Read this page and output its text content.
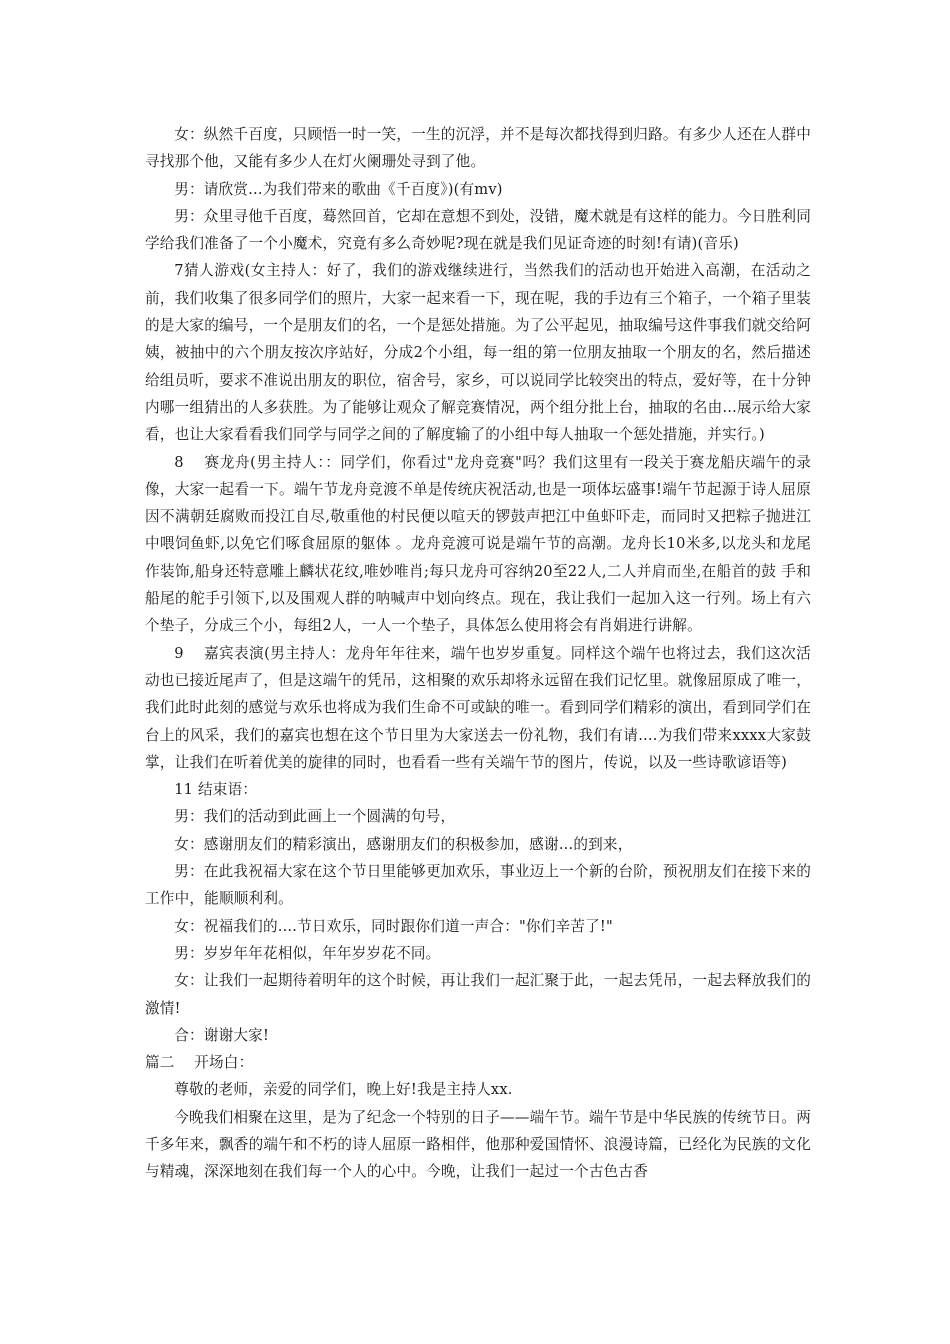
女：纵然千百度，只顾悟一时一笑，一生的沉浮，并不是每次都找得到归路。有多少人还在人群中寻找那个他，又能有多少人在灯火阑珊处寻到了他。

男：请欣赏...为我们带来的歌曲《千百度》)(有mv)

男：众里寻他千百度，蓦然回首，它却在意想不到处，没错，魔术就是有这样的能力。今日胜利同学给我们准备了一个小魔术，究竟有多么奇妙呢?现在就是我们见证奇迹的时刻!有请)(音乐)

7猜人游戏(女主持人：好了，我们的游戏继续进行，当然我们的活动也开始进入高潮，在活动之前，我们收集了很多同学们的照片，大家一起来看一下，现在呢，我的手边有三个箱子，一个箱子里装的是大家的编号，一个是朋友们的名，一个是惩处措施。为了公平起见，抽取编号这件事我们就交给阿姨，被抽中的六个朋友按次序站好，分成2个小组，每一组的第一位朋友抽取一个朋友的名，然后描述给组员听，要求不准说出朋友的职位，宿舍号，家乡，可以说同学比较突出的特点，爱好等，在十分钟内哪一组猜出的人多获胜。为了能够让观众了解竞赛情况，两个组分批上台，抽取的名由...展示给大家看，也让大家看看我们同学与同学之间的了解度输了的小组中每人抽取一个惩处措施，并实行。)

8　 赛龙舟(男主持人：：同学们，你看过"龙舟竞赛"吗？我们这里有一段关于赛龙船庆端午的录像，大家一起看一下。端午节龙舟竞渡不单是传统庆祝活动,也是一项体坛盛事!端午节起源于诗人屈原因不满朝廷腐败而投江自尽,敬重他的村民便以喧天的锣鼓声把江中鱼虾吓走，而同时又把粽子抛进江中喂饲鱼虾,以免它们啄食屈原的躯体 。龙舟竞渡可说是端午节的高潮。龙舟长10米多,以龙头和龙尾作装饰,船身还特意雕上麟状花纹,唯妙唯肖;每只龙舟可容纳20至22人,二人并肩而坐,在船首的鼓 手和船尾的舵手引领下,以及围观人群的呐喊声中划向终点。现在，我让我们一起加入这一行列。场上有六个垫子，分成三个小，每组2人，一人一个垫子，具体怎么使用将会有肖娟进行讲解。

9　 嘉宾表演(男主持人：龙舟年年往来，端午也岁岁重复。同样这个端午也将过去，我们这次活动也已接近尾声了，但是这端午的凭吊，这相聚的欢乐却将永远留在我们记忆里。就像屈原成了唯一，我们此时此刻的感觉与欢乐也将成为我们生命不可或缺的唯一。看到同学们精彩的演出，看到同学们在台上的风采，我们的嘉宾也想在这个节日里为大家送去一份礼物，我们有请....为我们带来xxxx大家鼓掌，让我们在听着优美的旋律的同时，也看看一些有关端午节的图片，传说，以及一些诗歌谚语等)

11 结束语：

男：我们的活动到此画上一个圆满的句号，

女：感谢朋友们的精彩演出，感谢朋友们的积极参加，感谢...的到来，

男：在此我祝福大家在这个节日里能够更加欢乐，事业迈上一个新的台阶，预祝朋友们在接下来的工作中，能顺顺利利。

女：祝福我们的....节日欢乐，同时跟你们道一声合："你们辛苦了!"

男：岁岁年年花相似，年年岁岁花不同。

女：让我们一起期待着明年的这个时候，再让我们一起汇聚于此，一起去凭吊，一起去释放我们的激情!

合：谢谢大家!

篇二　 开场白：

尊敬的老师，亲爱的同学们，晚上好!我是主持人xx.

今晚我们相聚在这里，是为了纪念一个特别的日子——端午节。端午节是中华民族的传统节日。两千多年来，飘香的端午和不朽的诗人屈原一路相伴，他那种爱国情怀、浪漫诗篇，已经化为民族的文化与精魂，深深地刻在我们每一个人的心中。今晚，让我们一起过一个古色古香
